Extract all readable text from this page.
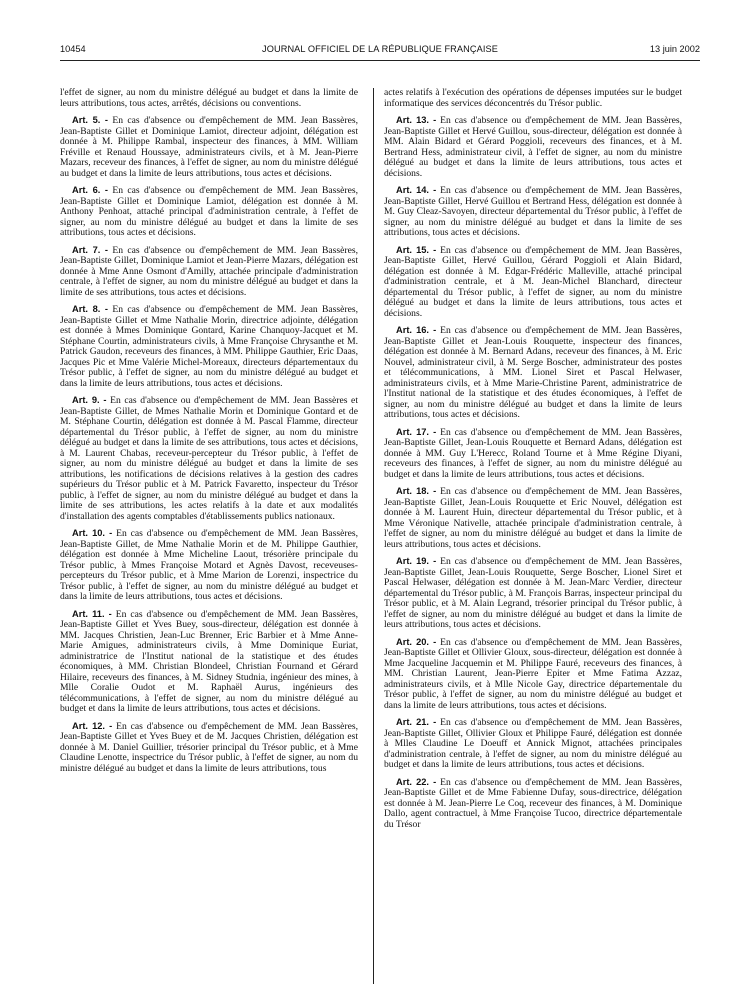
10454	JOURNAL OFFICIEL DE LA RÉPUBLIQUE FRANÇAISE	13 juin 2002

l'effet de signer, au nom du ministre délégué au budget et dans la limite de leurs attributions, tous actes, arrêtés, décisions ou conventions.

Art. 5. - En cas d'absence ou d'empêchement de MM. Jean Bassères, Jean-Baptiste Gillet et Dominique Lamiot, directeur adjoint, délégation est donnée à M. Philippe Rambal, inspecteur des finances, à MM. William Fréville et Renaud Houssaye, administrateurs civils, et à M. Jean-Pierre Mazars, receveur des finances, à l'effet de signer, au nom du ministre délégué au budget et dans la limite de leurs attributions, tous actes et décisions.

Art. 6. - En cas d'absence ou d'empêchement de MM. Jean Bassères, Jean-Baptiste Gillet et Dominique Lamiot, délégation est donnée à M. Anthony Penhoat, attaché principal d'administration centrale, à l'effet de signer, au nom du ministre délégué au budget et dans la limite de ses attributions, tous actes et décisions.

Art. 7. - En cas d'absence ou d'empêchement de MM. Jean Bassères, Jean-Baptiste Gillet, Dominique Lamiot et Jean-Pierre Mazars, délégation est donnée à Mme Anne Osmont d'Amilly, attachée principale d'administration centrale, à l'effet de signer, au nom du ministre délégué au budget et dans la limite de ses attributions, tous actes et décisions.

Art. 8. - En cas d'absence ou d'empêchement de MM. Jean Bassères, Jean-Baptiste Gillet et Mme Nathalie Morin, directrice adjointe, délégation est donnée à Mmes Dominique Gontard, Karine Chanquoy-Jacquet et M. Stéphane Courtin, administrateurs civils, à Mme Françoise Chrysanthe et M. Patrick Gaudon, receveurs des finances, à MM. Philippe Gauthier, Eric Daas, Jacques Pic et Mme Valérie Michel-Moreaux, directeurs départementaux du Trésor public, à l'effet de signer, au nom du ministre délégué au budget et dans la limite de leurs attributions, tous actes et décisions.

Art. 9. - En cas d'absence ou d'empêchement de MM. Jean Bassères et Jean-Baptiste Gillet, de Mmes Nathalie Morin et Dominique Gontard et de M. Stéphane Courtin, délégation est donnée à M. Pascal Flamme, directeur départemental du Trésor public, à l'effet de signer, au nom du ministre délégué au budget et dans la limite de ses attributions, tous actes et décisions, à M. Laurent Chabas, receveur-percepteur du Trésor public, à l'effet de signer, au nom du ministre délégué au budget et dans la limite de ses attributions, les notifications de décisions relatives à la gestion des cadres supérieurs du Trésor public et à M. Patrick Favaretto, inspecteur du Trésor public, à l'effet de signer, au nom du ministre délégué au budget et dans la limite de ses attributions, les actes relatifs à la date et aux modalités d'installation des agents comptables d'établissements publics nationaux.

Art. 10. - En cas d'absence ou d'empêchement de MM. Jean Bassères, Jean-Baptiste Gillet, de Mme Nathalie Morin et de M. Philippe Gauthier, délégation est donnée à Mme Micheline Laout, trésorière principale du Trésor public, à Mmes Françoise Motard et Agnès Davost, receveuses-percepteurs du Trésor public, et à Mme Marion de Lorenzi, inspectrice du Trésor public, à l'effet de signer, au nom du ministre délégué au budget et dans la limite de leurs attributions, tous actes et décisions.

Art. 11. - En cas d'absence ou d'empêchement de MM. Jean Bassères, Jean-Baptiste Gillet et Yves Buey, sous-directeur, délégation est donnée à MM. Jacques Christien, Jean-Luc Brenner, Eric Barbier et à Mme Anne-Marie Amigues, administrateurs civils, à Mme Dominique Euriat, administratrice de l'Institut national de la statistique et des études économiques, à MM. Christian Blondeel, Christian Fournand et Gérard Hilaire, receveurs des finances, à M. Sidney Studnia, ingénieur des mines, à Mlle Coralie Oudot et M. Raphaël Aurus, ingénieurs des télécommunications, à l'effet de signer, au nom du ministre délégué au budget et dans la limite de leurs attributions, tous actes et décisions.

Art. 12. - En cas d'absence ou d'empêchement de MM. Jean Bassères, Jean-Baptiste Gillet et Yves Buey et de M. Jacques Christien, délégation est donnée à M. Daniel Guillier, trésorier principal du Trésor public, et à Mme Claudine Lenotte, inspectrice du Trésor public, à l'effet de signer, au nom du ministre délégué au budget et dans la limite de leurs attributions, tous

actes relatifs à l'exécution des opérations de dépenses imputées sur le budget informatique des services déconcentrés du Trésor public.

Art. 13. - En cas d'absence ou d'empêchement de MM. Jean Bassères, Jean-Baptiste Gillet et Hervé Guillou, sous-directeur, délégation est donnée à MM. Alain Bidard et Gérard Poggioli, receveurs des finances, et à M. Bertrand Hess, administrateur civil, à l'effet de signer, au nom du ministre délégué au budget et dans la limite de leurs attributions, tous actes et décisions.

Art. 14. - En cas d'absence ou d'empêchement de MM. Jean Bassères, Jean-Baptiste Gillet, Hervé Guillou et Bertrand Hess, délégation est donnée à M. Guy Cleaz-Savoyen, directeur départemental du Trésor public, à l'effet de signer, au nom du ministre délégué au budget et dans la limite de ses attributions, tous actes et décisions.

Art. 15. - En cas d'absence ou d'empêchement de MM. Jean Bassères, Jean-Baptiste Gillet, Hervé Guillou, Gérard Poggioli et Alain Bidard, délégation est donnée à M. Edgar-Frédéric Malleville, attaché principal d'administration centrale, et à M. Jean-Michel Blanchard, directeur départemental du Trésor public, à l'effet de signer, au nom du ministre délégué au budget et dans la limite de leurs attributions, tous actes et décisions.

Art. 16. - En cas d'absence ou d'empêchement de MM. Jean Bassères, Jean-Baptiste Gillet et Jean-Louis Rouquette, inspecteur des finances, délégation est donnée à M. Bernard Adans, receveur des finances, à M. Eric Nouvel, administrateur civil, à M. Serge Boscher, administrateur des postes et télécommunications, à MM. Lionel Siret et Pascal Helwaser, administrateurs civils, et à Mme Marie-Christine Parent, administratrice de l'Institut national de la statistique et des études économiques, à l'effet de signer, au nom du ministre délégué au budget et dans la limite de leurs attributions, tous actes et décisions.

Art. 17. - En cas d'absence ou d'empêchement de MM. Jean Bassères, Jean-Baptiste Gillet, Jean-Louis Rouquette et Bernard Adans, délégation est donnée à MM. Guy L'Herecc, Roland Tourne et à Mme Régine Diyani, receveurs des finances, à l'effet de signer, au nom du ministre délégué au budget et dans la limite de leurs attributions, tous actes et décisions.

Art. 18. - En cas d'absence ou d'empêchement de MM. Jean Bassères, Jean-Baptiste Gillet, Jean-Louis Rouquette et Eric Nouvel, délégation est donnée à M. Laurent Huin, directeur départemental du Trésor public, et à Mme Véronique Nativelle, attachée principale d'administration centrale, à l'effet de signer, au nom du ministre délégué au budget et dans la limite de leurs attributions, tous actes et décisions.

Art. 19. - En cas d'absence ou d'empêchement de MM. Jean Bassères, Jean-Baptiste Gillet, Jean-Louis Rouquette, Serge Boscher, Lionel Siret et Pascal Helwaser, délégation est donnée à M. Jean-Marc Verdier, directeur départemental du Trésor public, à M. François Barras, inspecteur principal du Trésor public, et à M. Alain Legrand, trésorier principal du Trésor public, à l'effet de signer, au nom du ministre délégué au budget et dans la limite de leurs attributions, tous actes et décisions.

Art. 20. - En cas d'absence ou d'empêchement de MM. Jean Bassères, Jean-Baptiste Gillet et Ollivier Gloux, sous-directeur, délégation est donnée à Mme Jacqueline Jacquemin et M. Philippe Fauré, receveurs des finances, à MM. Christian Laurent, Jean-Pierre Epiter et Mme Fatima Azzaz, administrateurs civils, et à Mlle Nicole Gay, directrice départementale du Trésor public, à l'effet de signer, au nom du ministre délégué au budget et dans la limite de leurs attributions, tous actes et décisions.

Art. 21. - En cas d'absence ou d'empêchement de MM. Jean Bassères, Jean-Baptiste Gillet, Ollivier Gloux et Philippe Fauré, délégation est donnée à Mlles Claudine Le Doeuff et Annick Mignot, attachées principales d'administration centrale, à l'effet de signer, au nom du ministre délégué au budget et dans la limite de leurs attributions, tous actes et décisions.

Art. 22. - En cas d'absence ou d'empêchement de MM. Jean Bassères, Jean-Baptiste Gillet et de Mme Fabienne Dufay, sous-directrice, délégation est donnée à M. Jean-Pierre Le Coq, receveur des finances, à M. Dominique Dallo, agent contractuel, à Mme Françoise Tucoo, directrice départementale du Trésor
